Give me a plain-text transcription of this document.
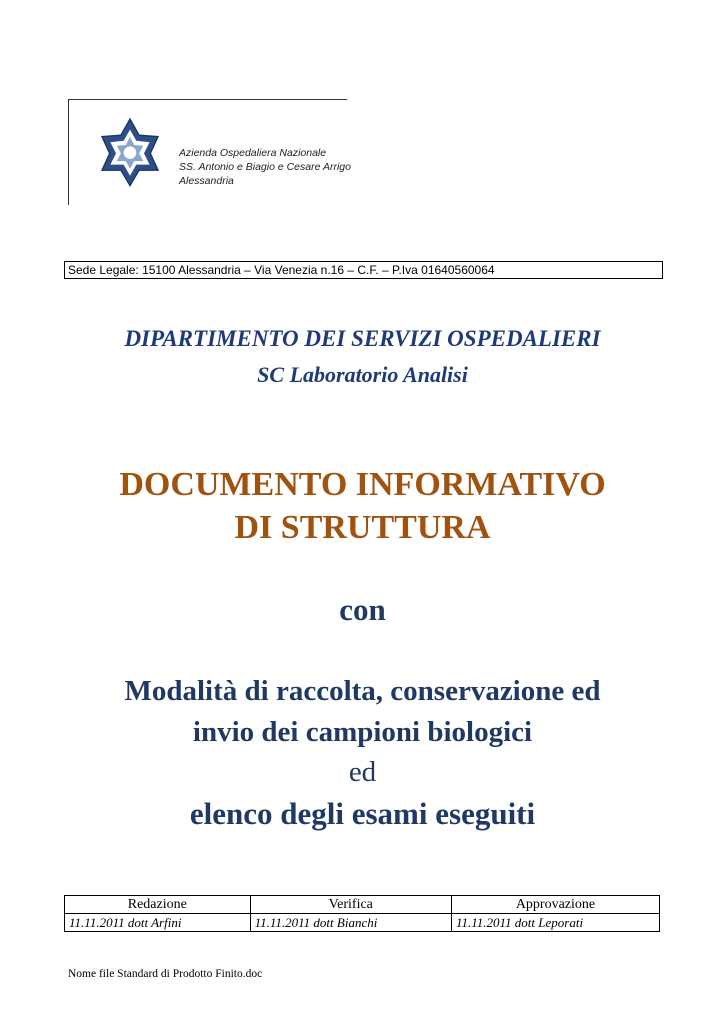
Azienda Ospedaliera Nazionale
SS. Antonio e Biagio e Cesare Arrigo
Alessandria
Sede Legale: 15100 Alessandria – Via Venezia n.16 – C.F. – P.Iva 01640560064
DIPARTIMENTO DEI SERVIZI OSPEDALIERI
SC Laboratorio Analisi
DOCUMENTO INFORMATIVO
DI STRUTTURA
con
Modalità di raccolta, conservazione ed
invio dei campioni biologici
ed
elenco degli esami eseguiti
Redazione	Verifica	Approvazione
11.11.2011 dott Arfini	11.11.2011 dott Bianchi	11.11.2011 dott Leporati
Nome file Standard di Prodotto Finito.doc
